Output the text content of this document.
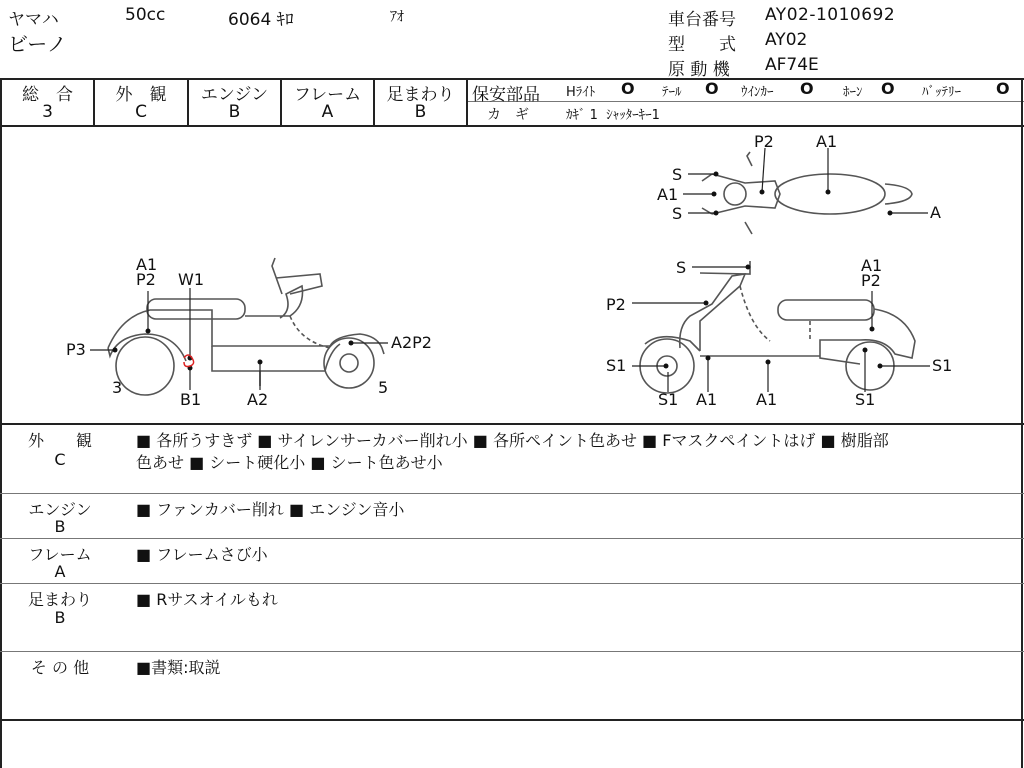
ヤマハ	50cc	6064 ｷﾛ	ｱｵ
ビーノ
車台番号 AY02-1010692
型　　式 AY02
原 動 機 AF74E
総　合
3
外　観
C
エンジン
B
フレーム
A
足まわり
B
保安部品 Hﾗｲﾄ O ﾃｰﾙ O ｳｲﾝｶｰ O ﾎｰﾝ O ﾊﾞｯﾃﾘｰ O
カ　ギ	ｶｷﾞ 1  ｼｬｯﾀｰｷｰ1
A1
P2 W1
P3	A2P2
3	5
B1	A2
P2	A1
S
A1
S	A
S	A1
P2
P2
S1	S1
S1 A1 A1	S1
外　　観
C
■ 各所うすきず ■ サイレンサーカバー削れ小 ■ 各所ペイント色あせ ■ Fマスクペイントはげ ■ 樹脂部
色あせ ■ シート硬化小 ■ シート色あせ小
エンジン
B
■ ファンカバー削れ ■ エンジン音小
フレーム
A
■ フレームさび小
足まわり
B
■ Rサスオイルもれ
そ の 他	■書類:取説
